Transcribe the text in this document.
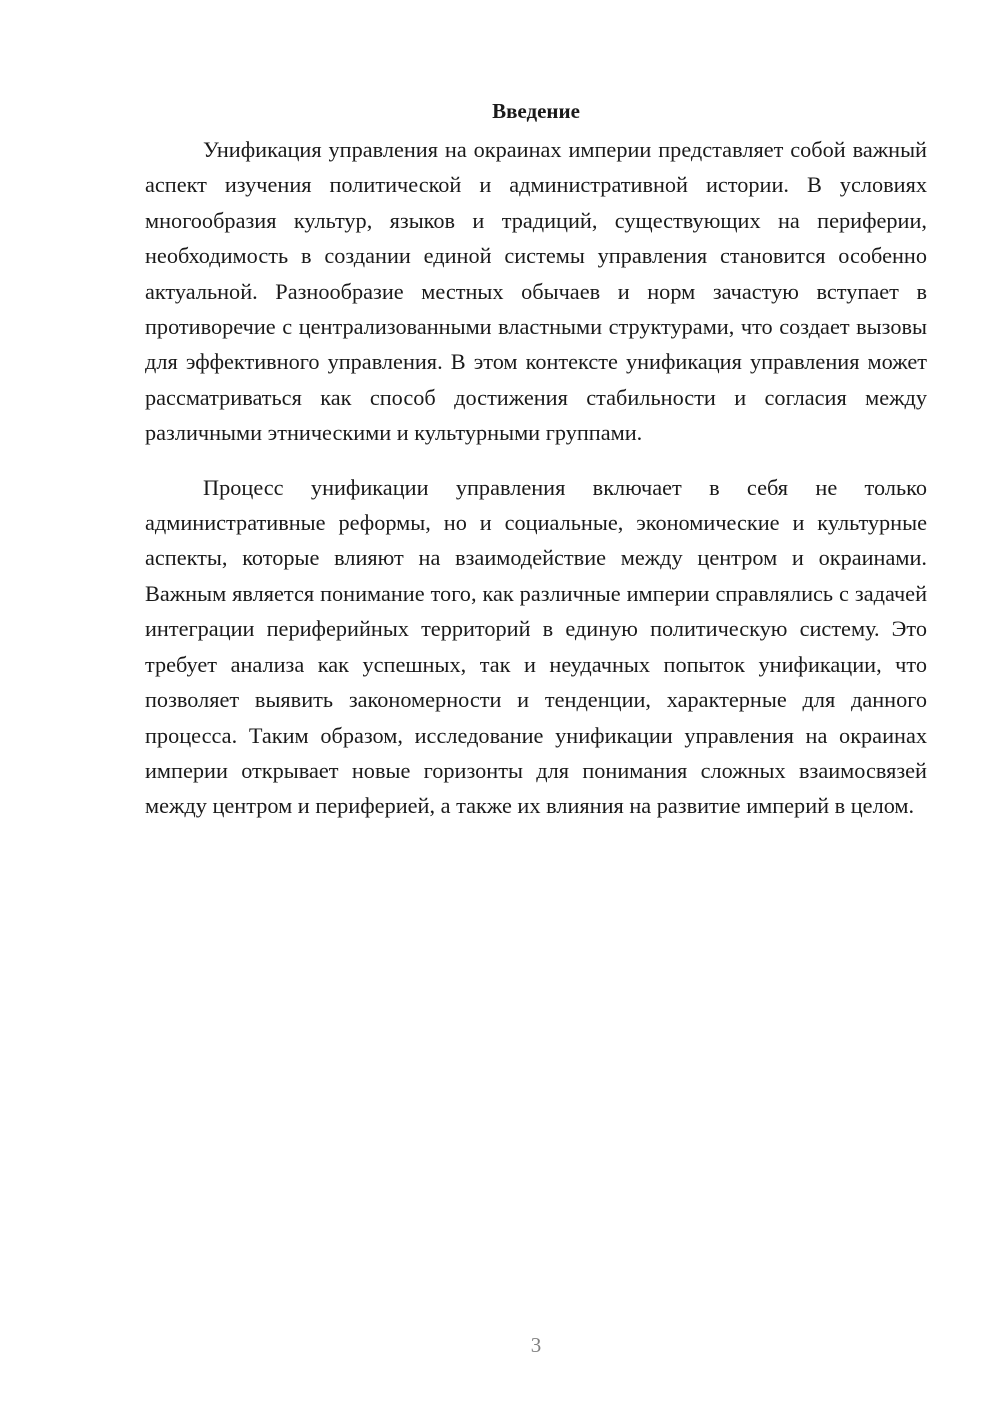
Введение

Унификация управления на окраинах империи представляет собой важный аспект изучения политической и административной истории. В условиях многообразия культур, языков и традиций, существующих на периферии, необходимость в создании единой системы управления становится особенно актуальной. Разнообразие местных обычаев и норм зачастую вступает в противоречие с централизованными властными структурами, что создает вызовы для эффективного управления. В этом контексте унификация управления может рассматриваться как способ достижения стабильности и согласия между различными этническими и культурными группами.

Процесс унификации управления включает в себя не только административные реформы, но и социальные, экономические и культурные аспекты, которые влияют на взаимодействие между центром и окраинами. Важным является понимание того, как различные империи справлялись с задачей интеграции периферийных территорий в единую политическую систему. Это требует анализа как успешных, так и неудачных попыток унификации, что позволяет выявить закономерности и тенденции, характерные для данного процесса. Таким образом, исследование унификации управления на окраинах империи открывает новые горизонты для понимания сложных взаимосвязей между центром и периферией, а также их влияния на развитие империй в целом.

3
